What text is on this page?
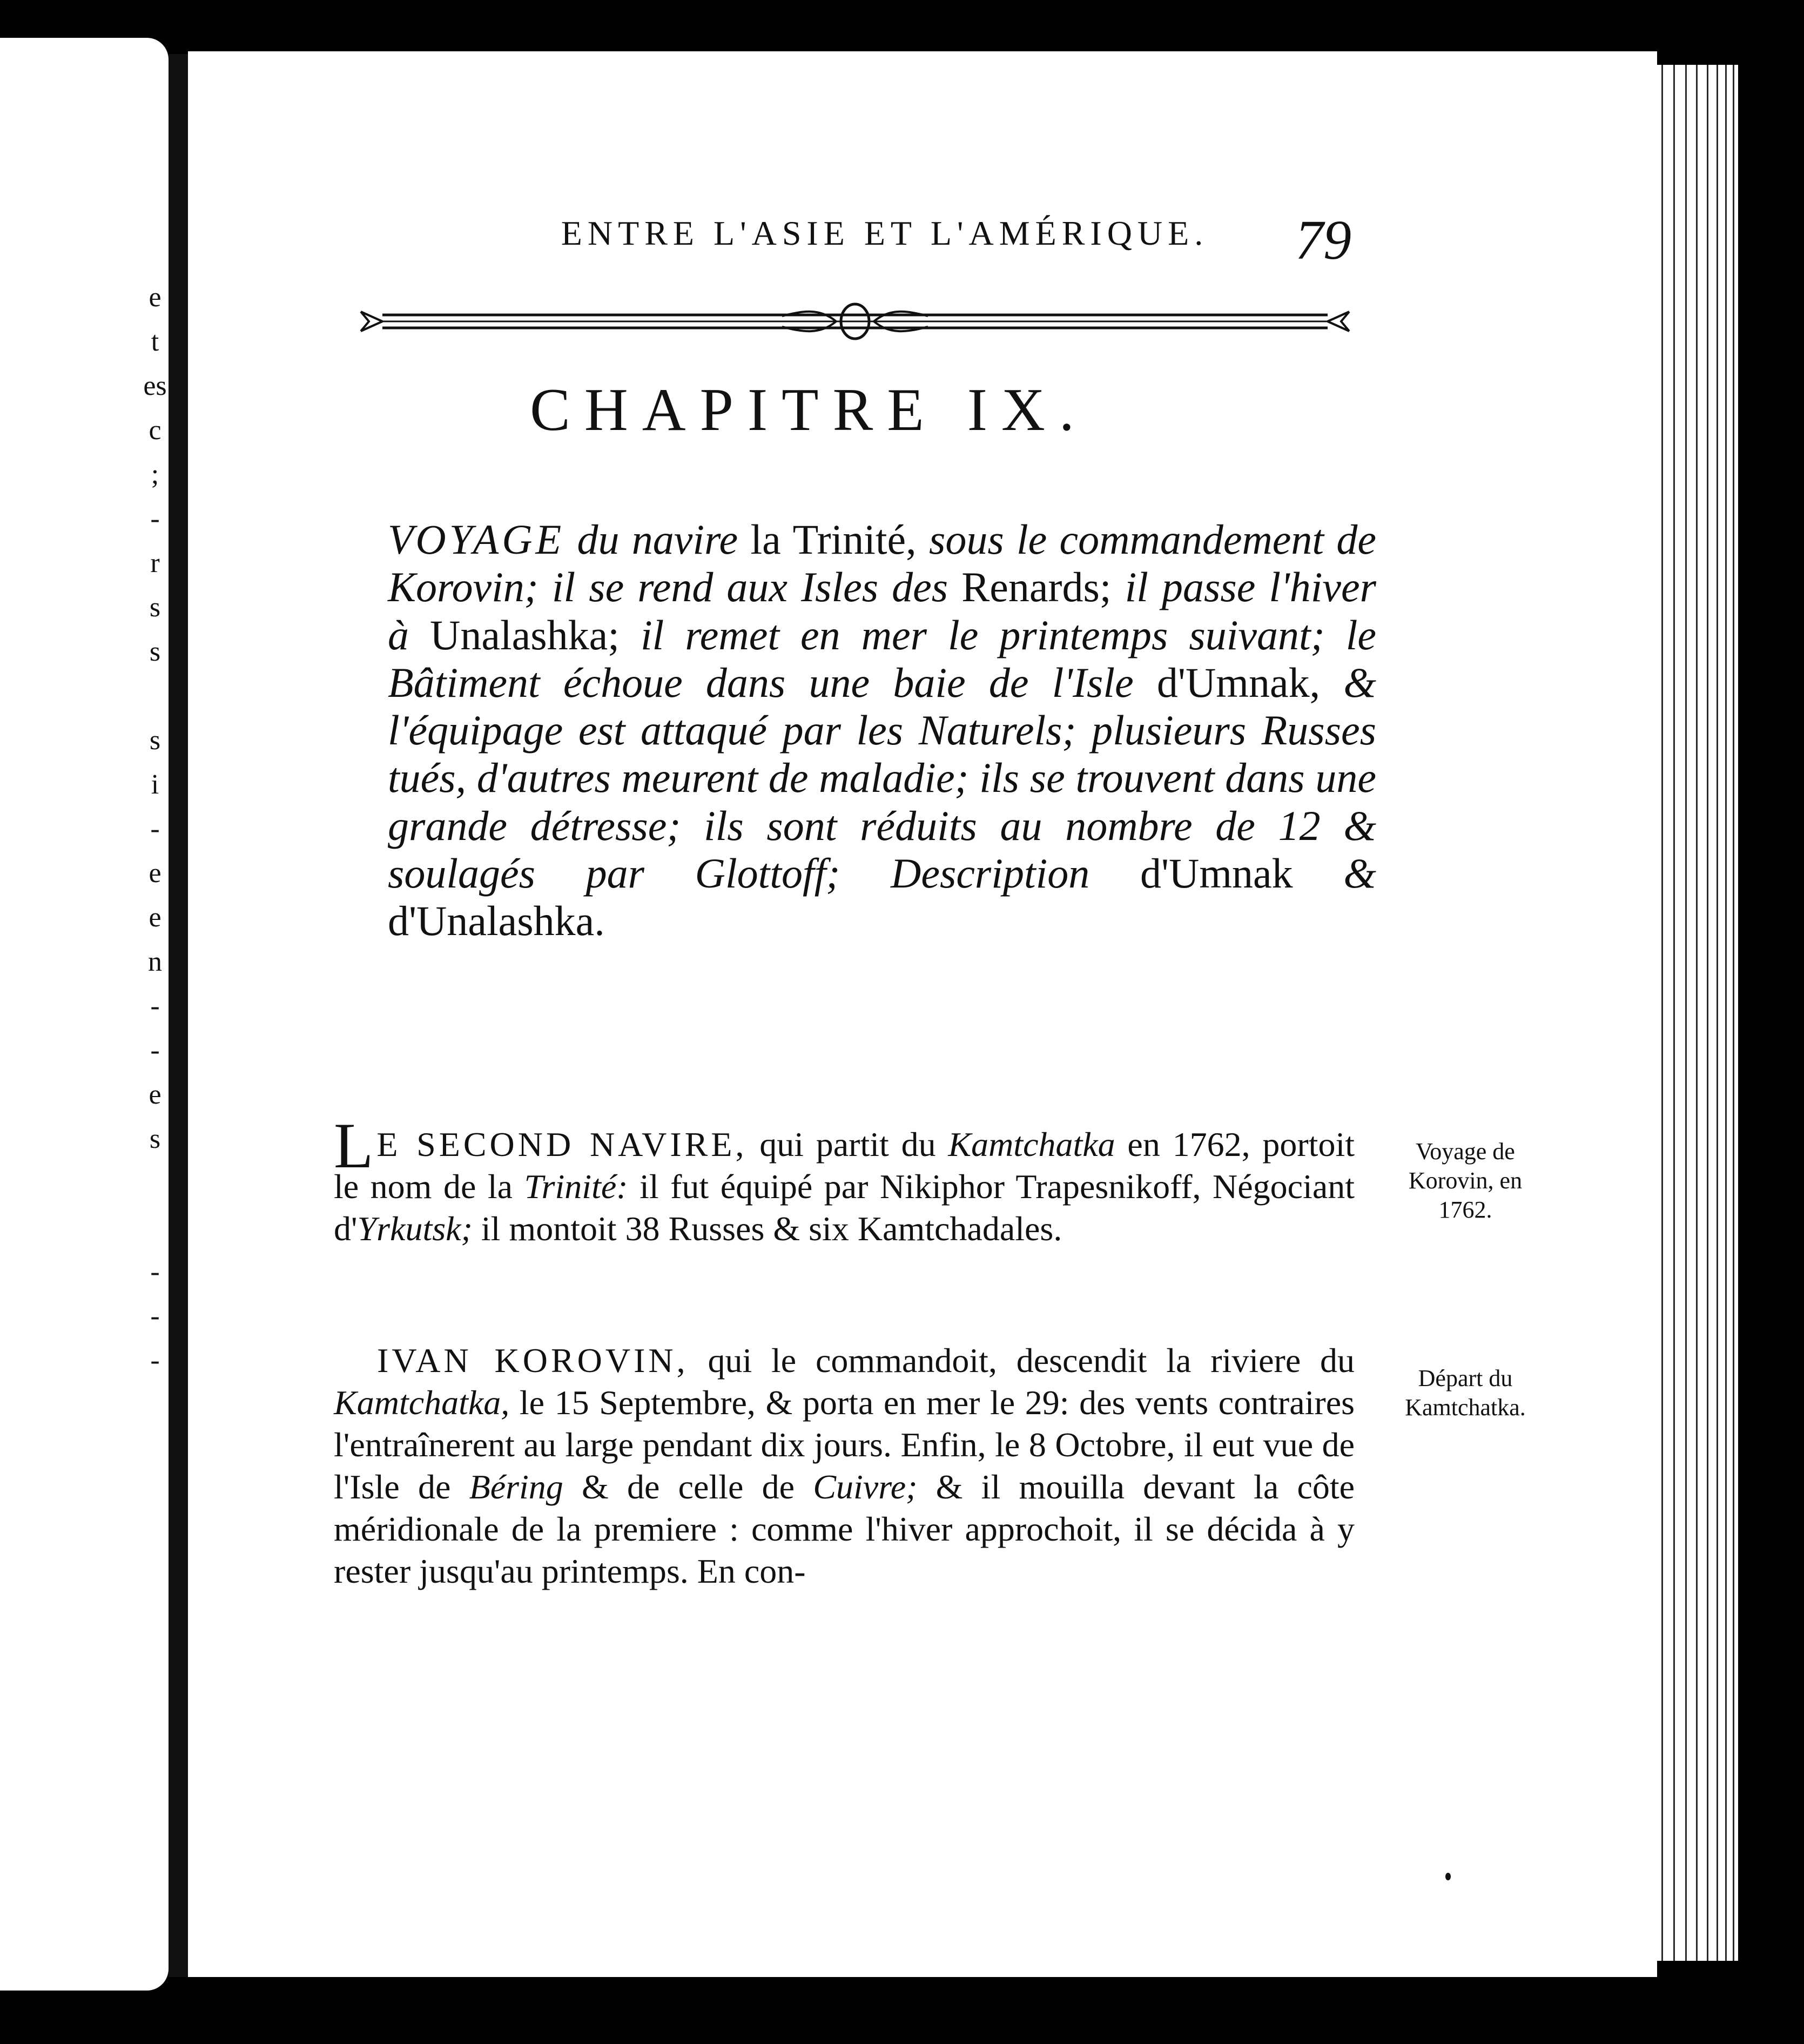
e
t
es
c
;
-
r
s
s
s
i
-
e
e
n
-
-
e
s
-
-
-
ENTRE L'ASIE ET L'AMÉRIQUE.	79
CHAPITRE IX.
VOYAGE du navire la Trinité, sous le commandement de Korovin; il se rend aux Isles des Renards; il passe l'hiver à Unalashka; il remet en mer le printemps suivant; le Bâtiment échoue dans une baie de l'Isle d'Umnak, & l'équipage est attaqué par les Naturels; plusieurs Russes tués, d'autres meurent de maladie; ils se trouvent dans une grande détresse; ils sont réduits au nombre de 12 & soulagés par Glottoff; Description d'Umnak & d'Unalashka.
L E SECOND NAVIRE, qui partit du Kamtchatka en 1762, portoit le nom de la Trinité: il fut équipé par Nikiphor Trapesnikoff, Négociant d'Yrkutsk; il montoit 38 Russes & six Kamtchadales.
IVAN KOROVIN, qui le commandoit, descendit la riviere du Kamtchatka, le 15 Septembre, & porta en mer le 29: des vents contraires l'entraînerent au large pendant dix jours. Enfin, le 8 Octobre, il eut vue de l'Isle de Béring & de celle de Cuivre; & il mouilla devant la côte méridionale de la premiere : comme l'hiver approchoit, il se décida à y rester jusqu'au printemps. En con-
Voyage de
Korovin, en
1762.
Départ du
Kamtchatka.
